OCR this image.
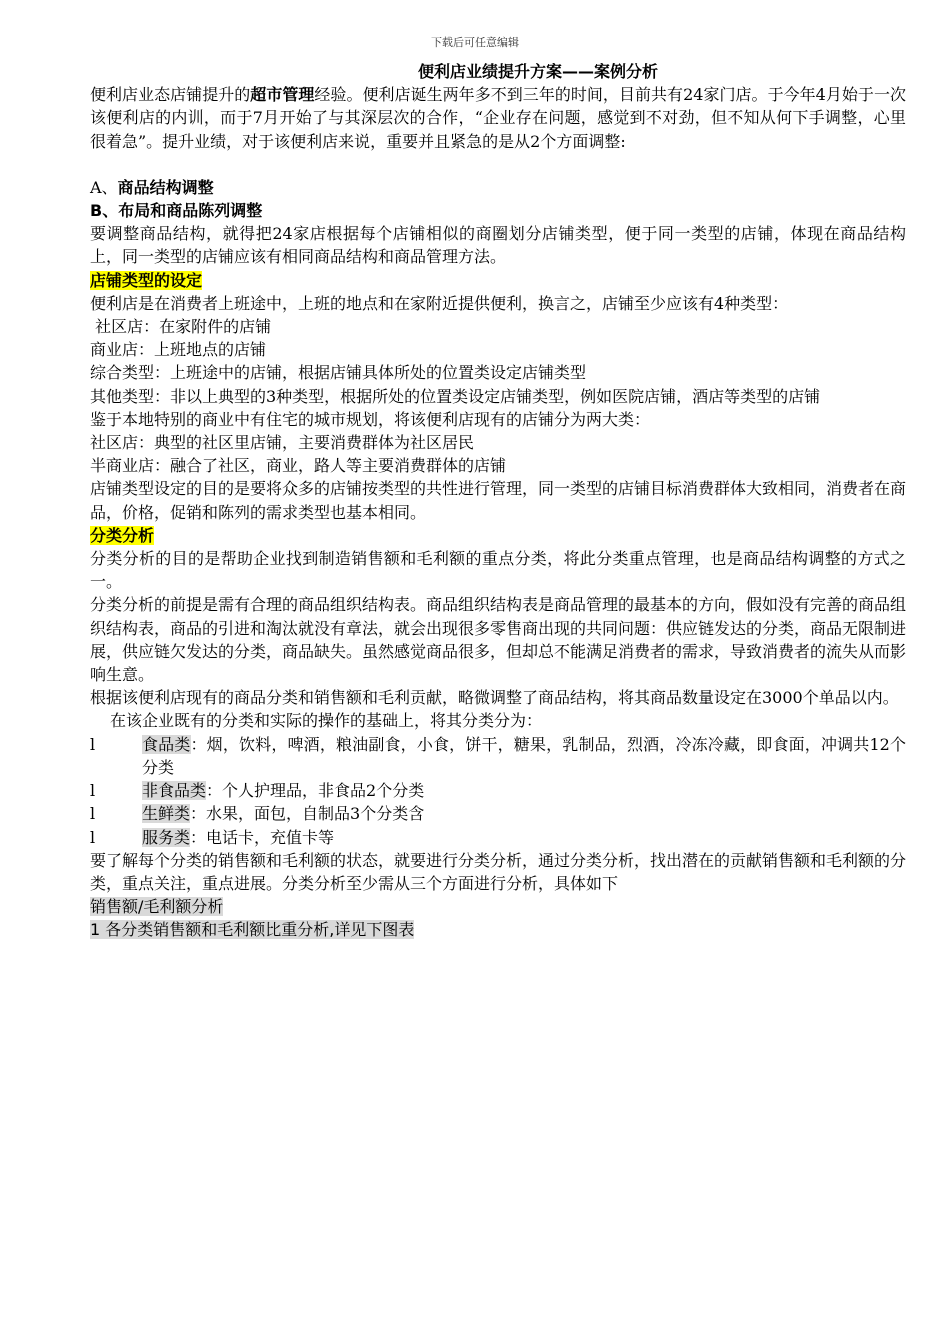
下载后可任意编辑

便利店业绩提升方案——案例分析

便利店业态店铺提升的超市管理经验。便利店诞生两年多不到三年的时间，目前共有24家门店。于今年4月始于一次该便利店的内训，而于7月开始了与其深层次的合作，“企业存在问题，感觉到不对劲，但不知从何下手调整，心里很着急”。提升业绩，对于该便利店来说，重要并且紧急的是从2个方面调整:

A、商品结构调整

B、布局和商品陈列调整

要调整商品结构，就得把24家店根据每个店铺相似的商圈划分店铺类型，便于同一类型的店铺，体现在商品结构上，同一类型的店铺应该有相同商品结构和商品管理方法。

店铺类型的设定

便利店是在消费者上班途中，上班的地点和在家附近提供便利，换言之，店铺至少应该有4种类型：

社区店：在家附件的店铺

商业店：上班地点的店铺

综合类型：上班途中的店铺，根据店铺具体所处的位置类设定店铺类型

其他类型：非以上典型的3种类型，根据所处的位置类设定店铺类型，例如医院店铺，酒店等类型的店铺

鉴于本地特别的商业中有住宅的城市规划，将该便利店现有的店铺分为两大类：

社区店：典型的社区里店铺，主要消费群体为社区居民

半商业店：融合了社区，商业，路人等主要消费群体的店铺

店铺类型设定的目的是要将众多的店铺按类型的共性进行管理，同一类型的店铺目标消费群体大致相同，消费者在商品，价格，促销和陈列的需求类型也基本相同。

分类分析

分类分析的目的是帮助企业找到制造销售额和毛利额的重点分类，将此分类重点管理，也是商品结构调整的方式之一。

分类分析的前提是需有合理的商品组织结构表。商品组织结构表是商品管理的最基本的方向，假如没有完善的商品组织结构表，商品的引进和淘汰就没有章法，就会出现很多零售商出现的共同问题：供应链发达的分类，商品无限制进展，供应链欠发达的分类，商品缺失。虽然感觉商品很多，但却总不能满足消费者的需求，导致消费者的流失从而影响生意。

根据该便利店现有的商品分类和销售额和毛利贡献，略微调整了商品结构，将其商品数量设定在3000个单品以内。

在该企业既有的分类和实际的操作的基础上，将其分类分为：

l	食品类：烟，饮料，啤酒，粮油副食，小食，饼干，糖果，乳制品，烈酒，冷冻冷藏，即食面，冲调共12个分类
l	非食品类：个人护理品，非食品2个分类
l	生鲜类：水果，面包，自制品3个分类含
l	服务类：电话卡，充值卡等

要了解每个分类的销售额和毛利额的状态，就要进行分类分析，通过分类分析，找出潜在的贡献销售额和毛利额的分类，重点关注，重点进展。分类分析至少需从三个方面进行分析，具体如下

销售额/毛利额分析

1 各分类销售额和毛利额比重分析,详见下图表
